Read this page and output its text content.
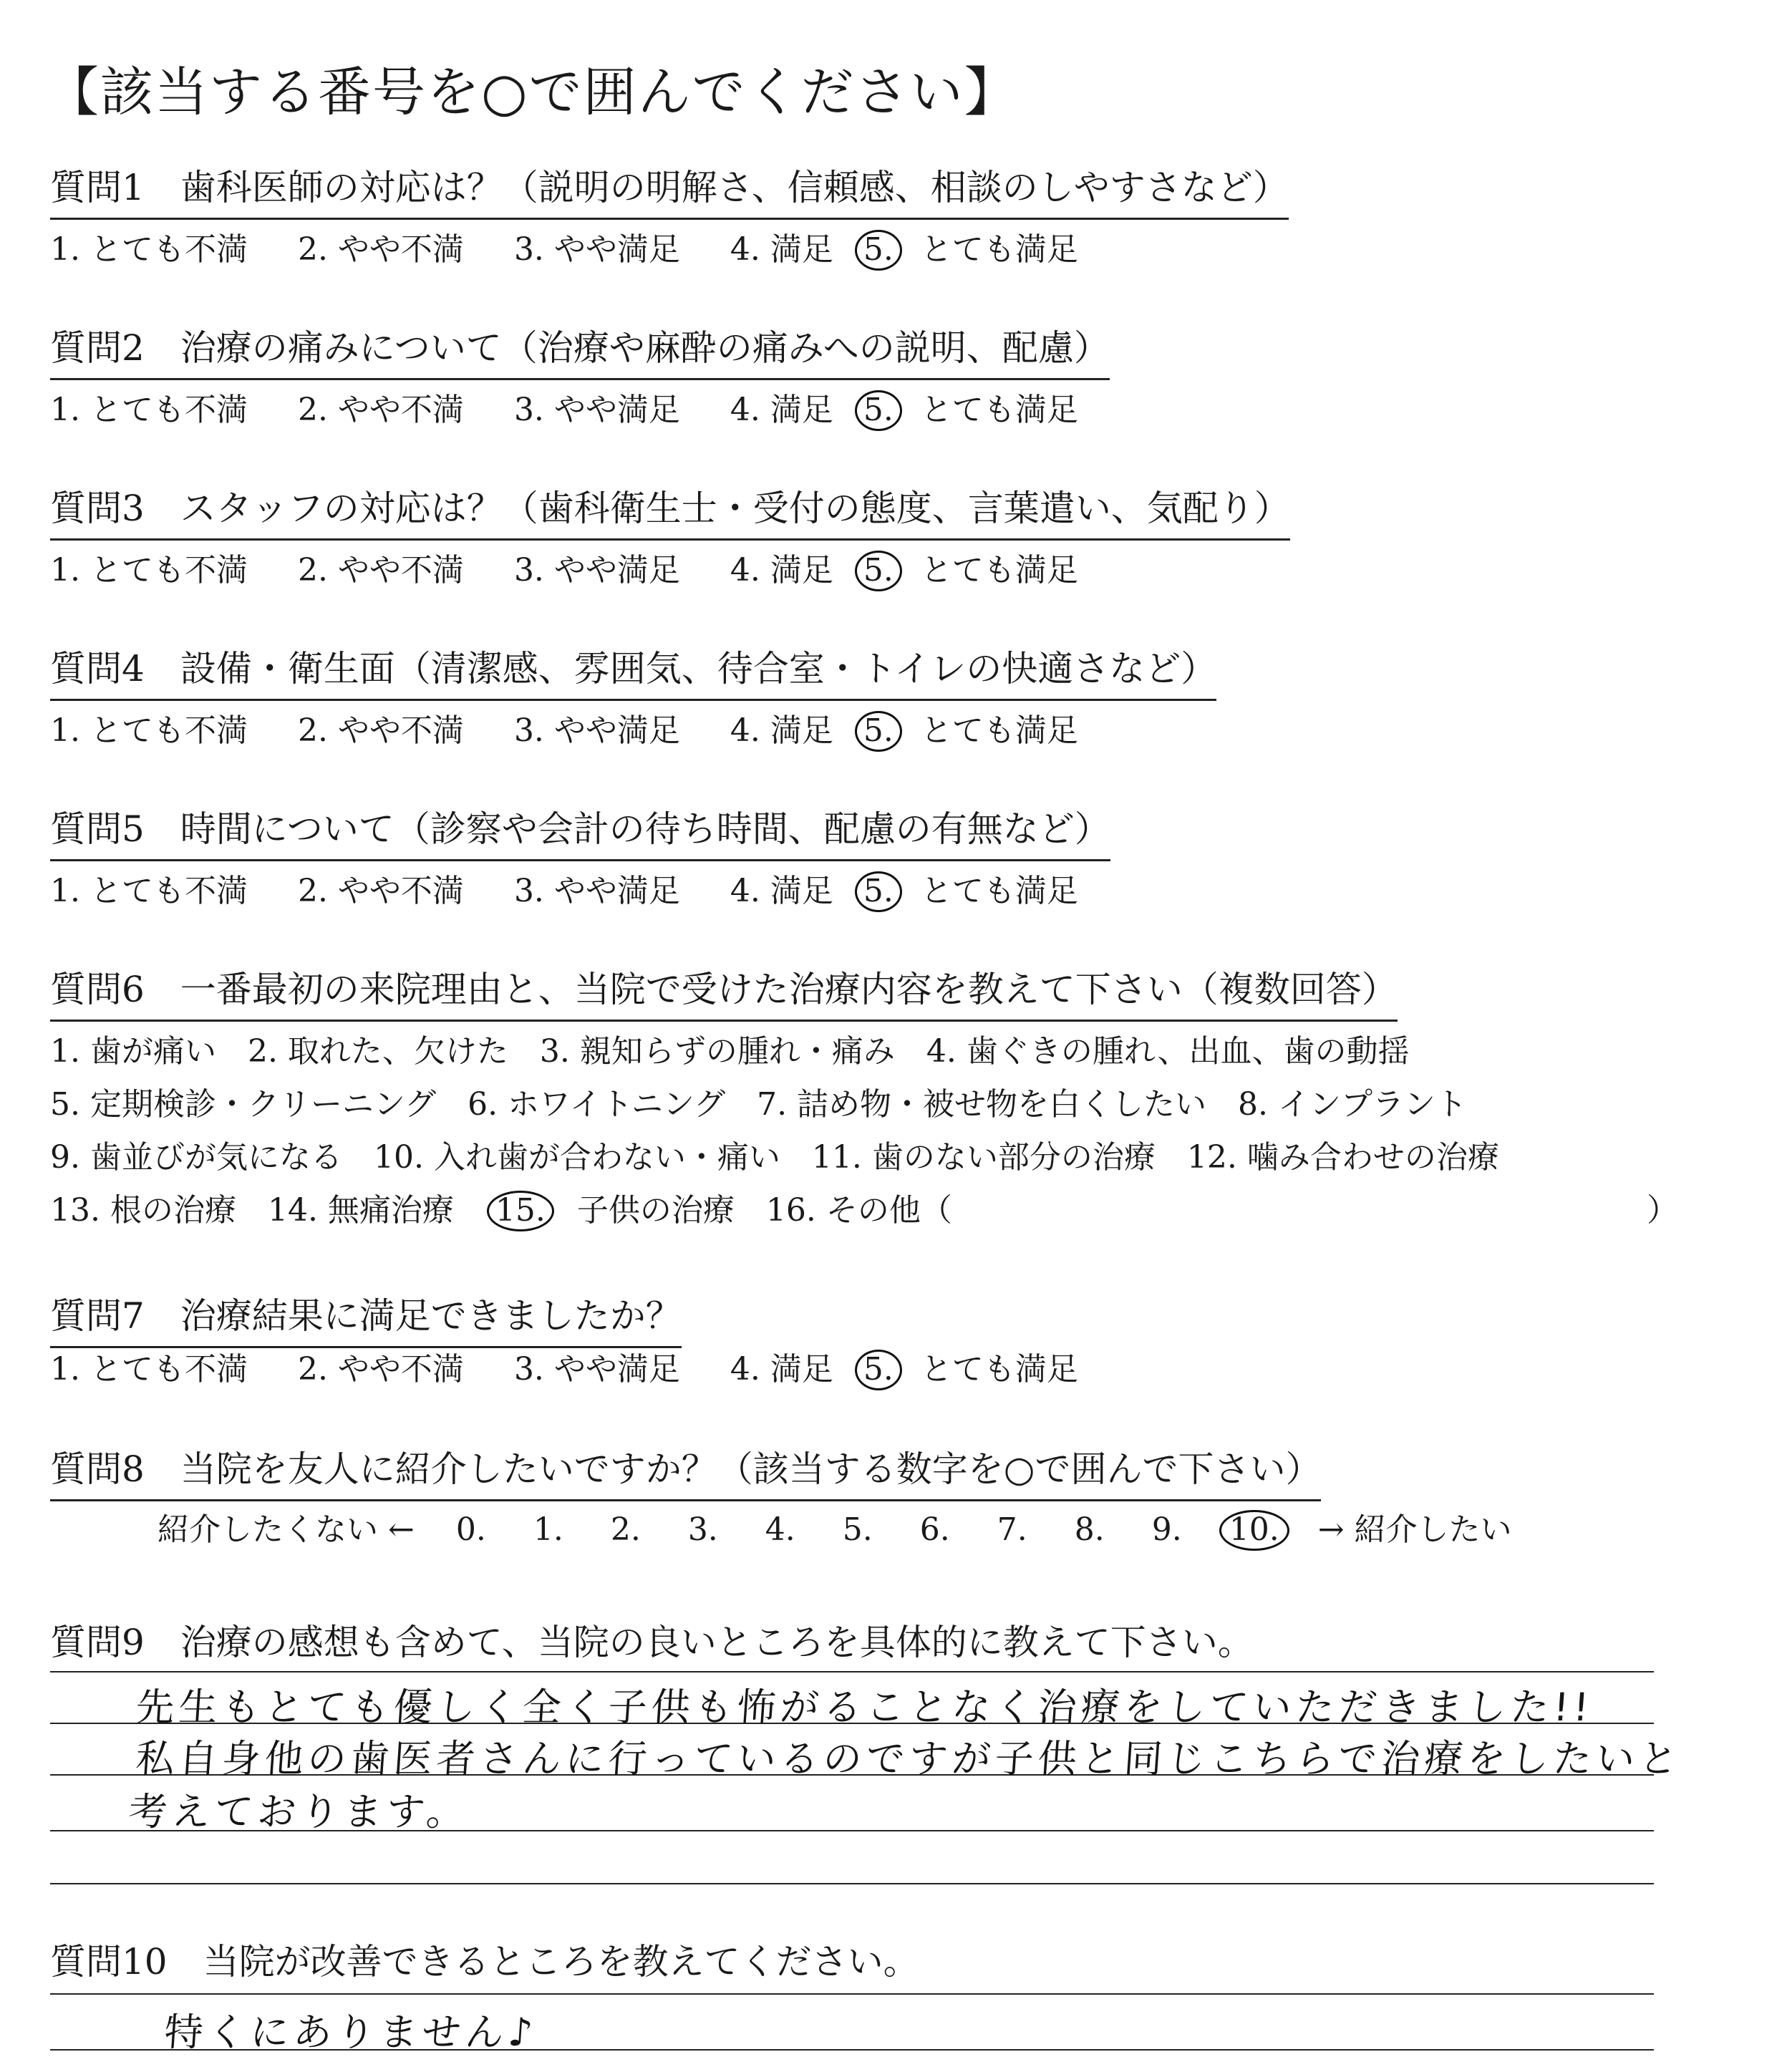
【該当する番号を○で囲んでください】
質問1　歯科医師の対応は？（説明の明解さ、信頼感、相談のしやすさなど）
1. とても不満 2. やや不満 3. やや満足 4. 満足 5. とても満足
質問2　治療の痛みについて（治療や麻酔の痛みへの説明、配慮）
1. とても不満 2. やや不満 3. やや満足 4. 満足 5. とても満足
質問3　スタッフの対応は？（歯科衛生士・受付の態度、言葉遣い、気配り）
1. とても不満 2. やや不満 3. やや満足 4. 満足 5. とても満足
質問4　設備・衛生面（清潔感、雰囲気、待合室・トイレの快適さなど）
1. とても不満 2. やや不満 3. やや満足 4. 満足 5. とても満足
質問5　時間について（診察や会計の待ち時間、配慮の有無など）
1. とても不満 2. やや不満 3. やや満足 4. 満足 5. とても満足
質問6　一番最初の来院理由と、当院で受けた治療内容を教えて下さい（複数回答）
1. 歯が痛い　2. 取れた、欠けた　3. 親知らずの腫れ・痛み　4. 歯ぐきの腫れ、出血、歯の動揺
5. 定期検診・クリーニング　6. ホワイトニング　7. 詰め物・被せ物を白くしたい　8. インプラント
9. 歯並びが気になる　10. 入れ歯が合わない・痛い　11. 歯のない部分の治療　12. 噛み合わせの治療
13. 根の治療　14. 無痛治療 15. 子供の治療　16. その他（	）
質問7　治療結果に満足できましたか？
1. とても不満 2. やや不満 3. やや満足 4. 満足 5. とても満足
質問8　当院を友人に紹介したいですか？（該当する数字を○で囲んで下さい）
紹介したくない ← 0. 1. 2. 3. 4. 5. 6. 7. 8. 9. 10. → 紹介したい
質問9　治療の感想も含めて、当院の良いところを具体的に教えて下さい。
先生もとても優しく全く子供も怖がることなく治療をしていただきました!!
私自身他の歯医者さんに行っているのですが子供と同じこちらで治療をしたいと
考えております。
質問10　当院が改善できるところを教えてください。
特くにありません♪
